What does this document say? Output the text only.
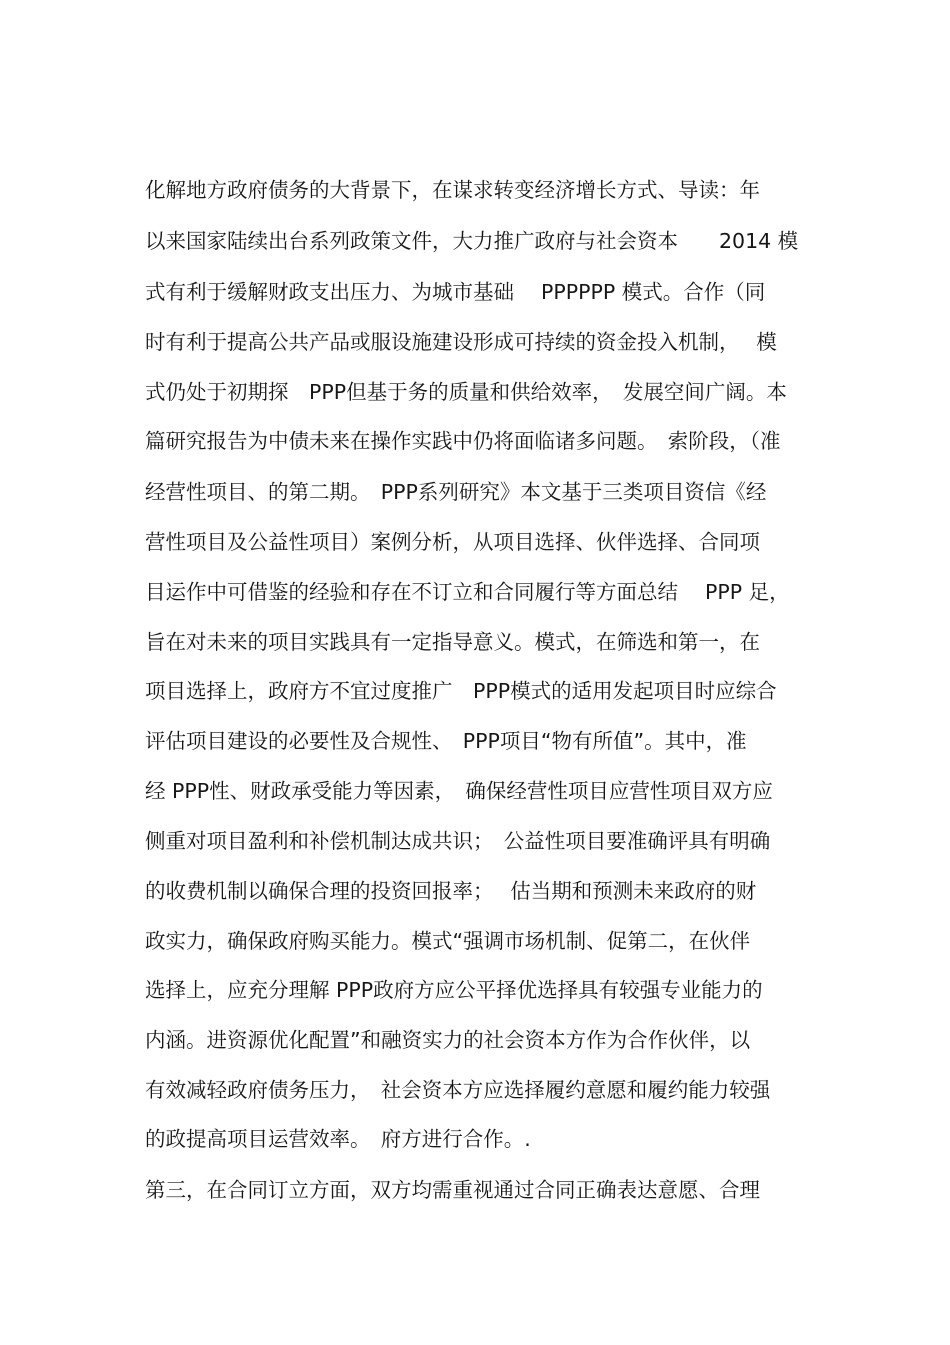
化解地方政府债务的大背景下，在谋求转变经济增长方式、导读：年
以来国家陆续出台系列政策文件，大力推广政府与社会资本　　2014 模
式有利于缓解财政支出压力、为城市基础　 PPPPPP 模式。合作（同
时有利于提高公共产品或服设施建设形成可持续的资金投入机制，　 模
式仍处于初期探　PPP但基于务的质量和供给效率，　发展空间广阔。本
篇研究报告为中债未来在操作实践中仍将面临诸多问题。　索阶段，（准
经营性项目、的第二期。　PPP系列研究》本文基于三类项目资信《经
营性项目及公益性项目）案例分析，从项目选择、伙伴选择、合同项
目运作中可借鉴的经验和存在不订立和合同履行等方面总结　 PPP 足，
旨在对未来的项目实践具有一定指导意义。模式，在筛选和第一，在
项目选择上，政府方不宜过度推广　PPP模式的适用发起项目时应综合
评估项目建设的必要性及合规性、　PPP项目“物有所值”。其中，准
经 PPP性、财政承受能力等因素，　确保经营性项目应营性项目双方应
侧重对项目盈利和补偿机制达成共识；　公益性项目要准确评具有明确
的收费机制以确保合理的投资回报率；　 估当期和预测未来政府的财
政实力，确保政府购买能力。模式“强调市场机制、促第二，在伙伴
选择上，应充分理解 PPP政府方应公平择优选择具有较强专业能力的
内涵。进资源优化配置”和融资实力的社会资本方作为合作伙伴，以
有效减轻政府债务压力，　社会资本方应选择履约意愿和履约能力较强
的政提高项目运营效率。　府方进行合作。.
第三，在合同订立方面，双方均需重视通过合同正确表达意愿、合理
